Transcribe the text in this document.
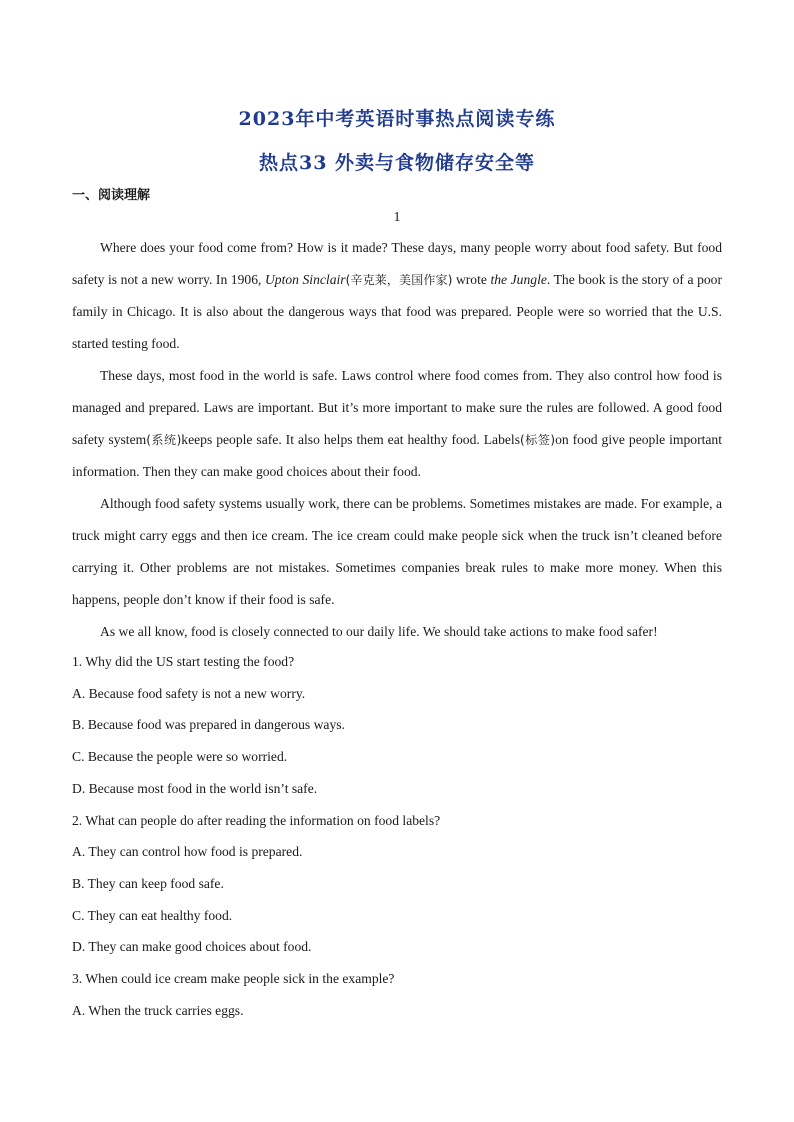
2023年中考英语时事热点阅读专练
热点33 外卖与食物储存安全等
一、阅读理解
1

Where does your food come from? How is it made? These days, many people worry about food safety. But food safety is not a new worry. In 1906, Upton Sinclair(辛克莱，美国作家) wrote the Jungle. The book is the story of a poor family in Chicago. It is also about the dangerous ways that food was prepared. People were so worried that the U.S. started testing food.

These days, most food in the world is safe. Laws control where food comes from. They also control how food is managed and prepared. Laws are important. But it’s more important to make sure the rules are followed. A good food safety system(系统)keeps people safe. It also helps them eat healthy food. Labels(标签)on food give people important information. Then they can make good choices about their food.

Although food safety systems usually work, there can be problems. Sometimes mistakes are made. For example, a truck might carry eggs and then ice cream. The ice cream could make people sick when the truck isn’t cleaned before carrying it. Other problems are not mistakes. Sometimes companies break rules to make more money. When this happens, people don’t know if their food is safe.

As we all know, food is closely connected to our daily life. We should take actions to make food safer!

1. Why did the US start testing the food?

A. Because food safety is not a new worry.

B. Because food was prepared in dangerous ways.

C. Because the people were so worried.

D. Because most food in the world isn’t safe.

2. What can people do after reading the information on food labels?

A. They can control how food is prepared.

B. They can keep food safe.

C. They can eat healthy food.

D. They can make good choices about food.

3. When could ice cream make people sick in the example?

A. When the truck carries eggs.
